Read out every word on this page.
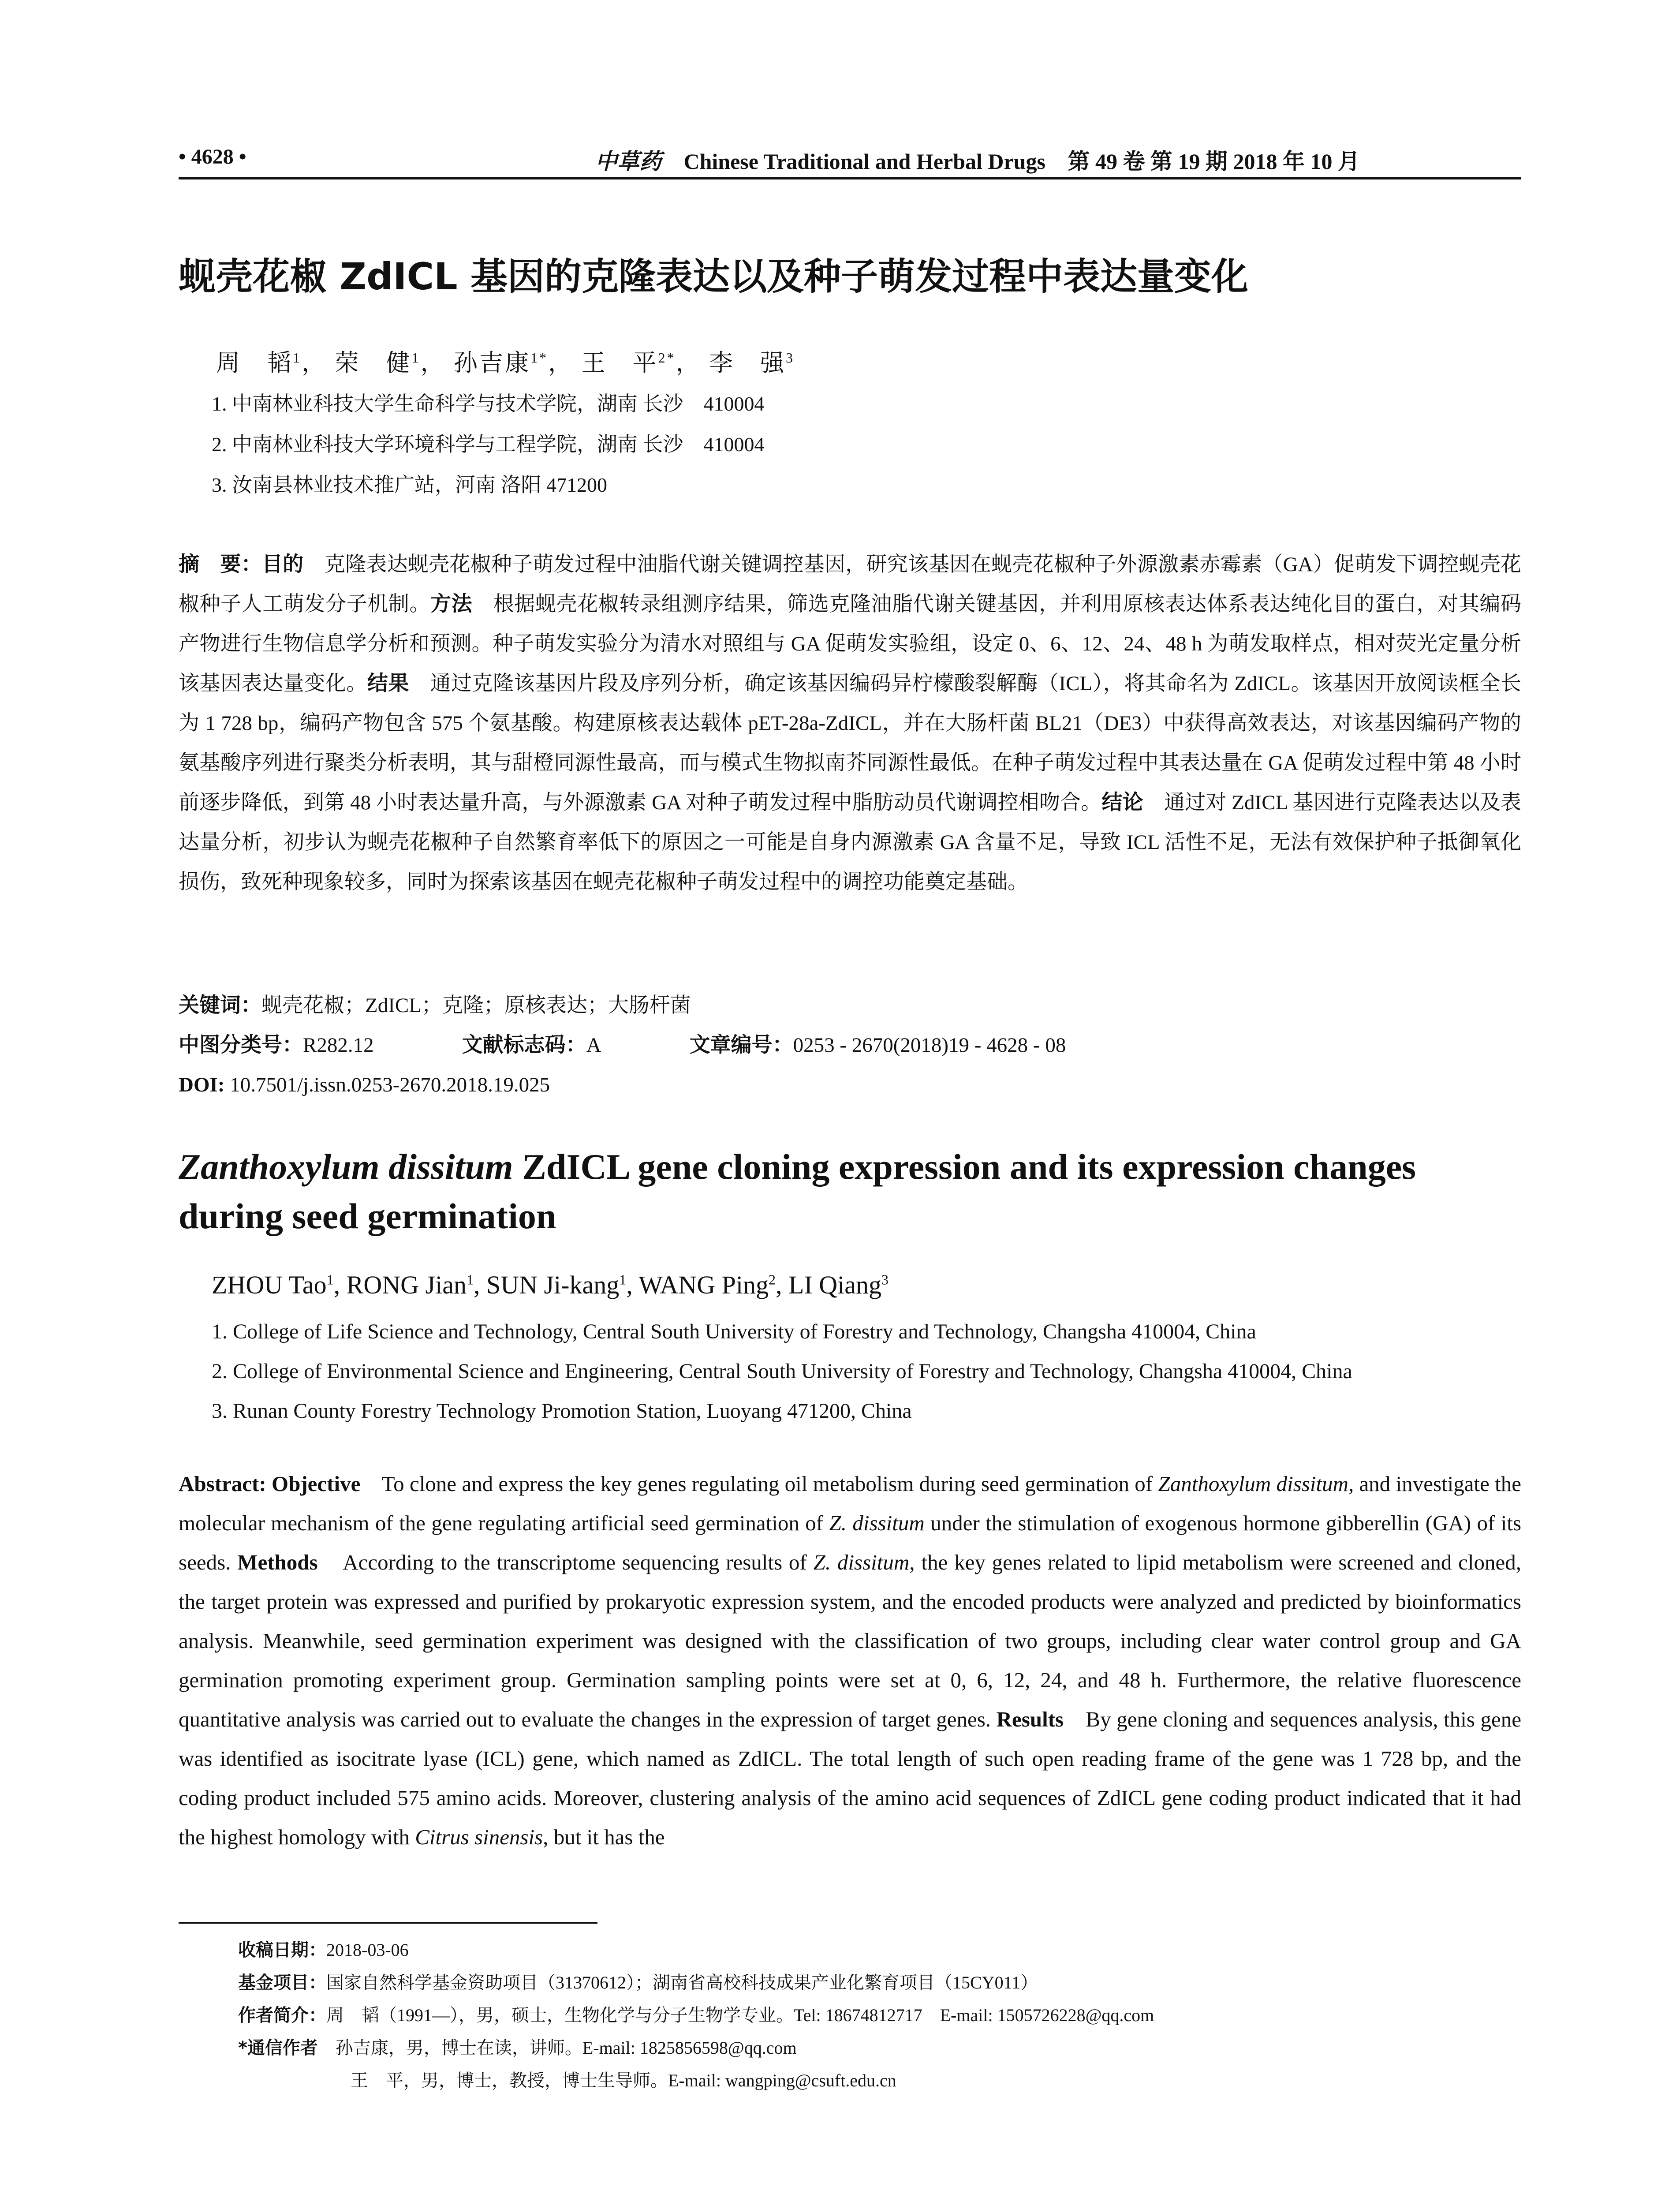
• 4628 •	中草药 Chinese Traditional and Herbal Drugs 第 49 卷 第 19 期 2018 年 10 月
蚬壳花椒 ZdICL 基因的克隆表达以及种子萌发过程中表达量变化
周　韬$^1$， 荣　健$^1$， 孙吉康$^{1*}$， 王　平$^{2*}$， 李　强$^3$
1. 中南林业科技大学生命科学与技术学院，湖南 长沙　410004
2. 中南林业科技大学环境科学与工程学院，湖南 长沙　410004
3. 汝南县林业技术推广站，河南 洛阳 471200
摘　要：目的　 克隆表达蚬壳花椒种子萌发过程中油脂代谢关键调控基因，研究该基因在蚬壳花椒种子外源激素赤霉素（GA）促萌发下调控蚬壳花椒种子人工萌发分子机制。方法　 根据蚬壳花椒转录组测序结果，筛选克隆油脂代谢关键基因，并利用原核表达体系表达纯化目的蛋白，对其编码产物进行生物信息学分析和预测。种子萌发实验分为清水对照组与 GA 促萌发实验组，设定 0、6、12、24、48 h 为萌发取样点，相对荧光定量分析该基因表达量变化。结果　 通过克隆该基因片段及序列分析，确定该基因编码异柠檬酸裂解酶（ICL），将其命名为 ZdICL。该基因开放阅读框全长为 1 728 bp，编码产物包含 575 个氨基酸。构建原核表达载体 pET-28a-ZdICL，并在大肠杆菌 BL21（DE3）中获得高效表达，对该基因编码产物的氨基酸序列进行聚类分析表明，其与甜橙同源性最高，而与模式生物拟南芥同源性最低。在种子萌发过程中其表达量在 GA 促萌发过程中第 48 小时前逐步降低，到第 48 小时表达量升高，与外源激素 GA 对种子萌发过程中脂肪动员代谢调控相吻合。结论　 通过对 ZdICL 基因进行克隆表达以及表达量分析，初步认为蚬壳花椒种子自然繁育率低下的原因之一可能是自身内源激素 GA 含量不足，导致 ICL 活性不足，无法有效保护种子抵御氧化损伤，致死种现象较多，同时为探索该基因在蚬壳花椒种子萌发过程中的调控功能奠定基础。
关键词：蚬壳花椒；ZdICL；克隆；原核表达；大肠杆菌
中图分类号：R282.12	文献标志码：A	文章编号：0253 - 2670(2018)19 - 4628 - 08
DOI: 10.7501/j.issn.0253-2670.2018.19.025
Zanthoxylum dissitum ZdICL gene cloning expression and its expression changes during seed germination
ZHOU Tao$^1$, RONG Jian$^1$, SUN Ji-kang$^1$, WANG Ping$^2$, LI Qiang$^3$
1. College of Life Science and Technology, Central South University of Forestry and Technology, Changsha 410004, China
2. College of Environmental Science and Engineering, Central South University of Forestry and Technology, Changsha 410004, China
3. Runan County Forestry Technology Promotion Station, Luoyang 471200, China
Abstract: Objective To clone and express the key genes regulating oil metabolism during seed germination of Zanthoxylum dissitum, and investigate the molecular mechanism of the gene regulating artificial seed germination of Z. dissitum under the stimulation of exogenous hormone gibberellin (GA) of its seeds. Methods According to the transcriptome sequencing results of Z. dissitum, the key genes related to lipid metabolism were screened and cloned, the target protein was expressed and purified by prokaryotic expression system, and the encoded products were analyzed and predicted by bioinformatics analysis. Meanwhile, seed germination experiment was designed with the classification of two groups, including clear water control group and GA germination promoting experiment group. Germination sampling points were set at 0, 6, 12, 24, and 48 h. Furthermore, the relative fluorescence quantitative analysis was carried out to evaluate the changes in the expression of target genes. Results By gene cloning and sequences analysis, this gene was identified as isocitrate lyase (ICL) gene, which named as ZdICL. The total length of such open reading frame of the gene was 1 728 bp, and the coding product included 575 amino acids. Moreover, clustering analysis of the amino acid sequences of ZdICL gene coding product indicated that it had the highest homology with Citrus sinensis, but it has the
收稿日期：2018-03-06
基金项目：国家自然科学基金资助项目（31370612）；湖南省高校科技成果产业化繁育项目（15CY011）
作者简介：周　韬（1991—），男，硕士，生物化学与分子生物学专业。Tel: 18674812717　E-mail: 1505726228@qq.com
*通信作者　 孙吉康，男，博士在读，讲师。E-mail: 1825856598@qq.com
王　平，男，博士，教授，博士生导师。E-mail: wangping@csuft.edu.cn
